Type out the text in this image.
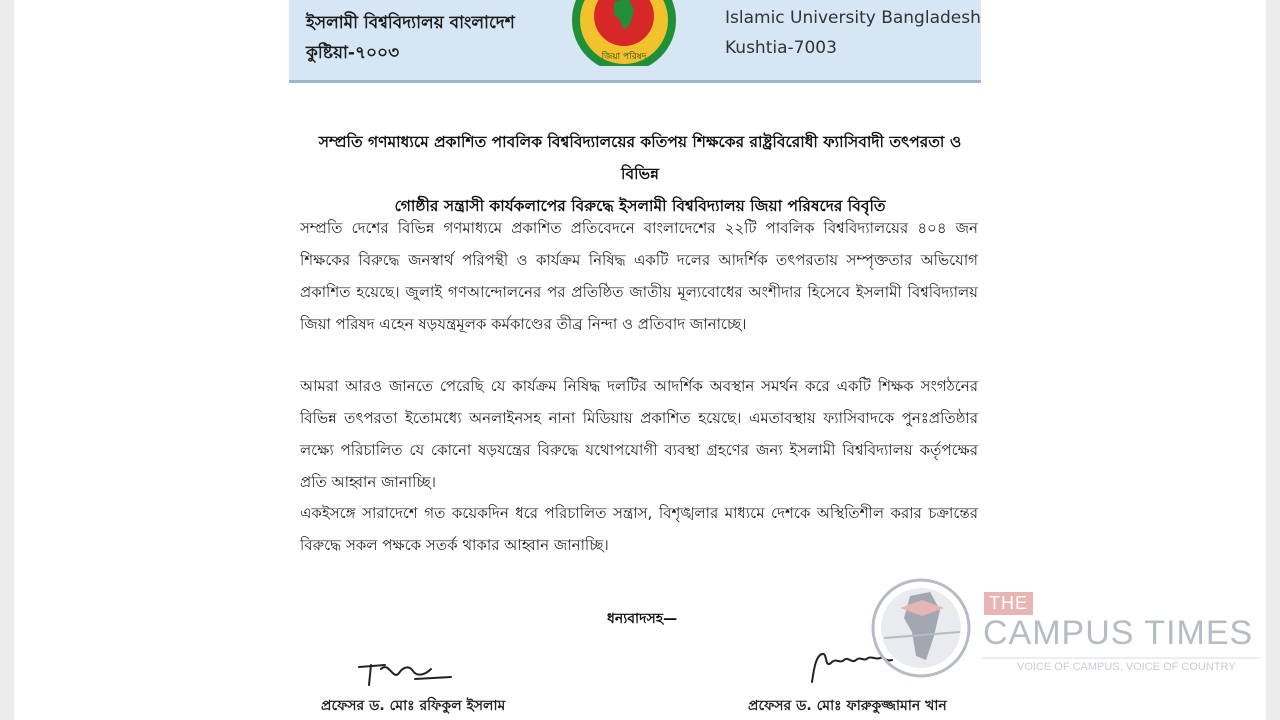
ইসলামী বিশ্ববিদ্যালয় বাংলাদেশ
কুষ্টিয়া-৭০০৩
Islamic University Bangladesh
Kushtia-7003
জিয়া পরিষদ
সম্প্রতি গণমাধ্যমে প্রকাশিত পাবলিক বিশ্ববিদ্যালয়ের কতিপয় শিক্ষকের রাষ্ট্রবিরোধী ফ্যাসিবাদী তৎপরতা ও বিভিন্ন
গোষ্ঠীর সন্ত্রাসী কার্যকলাপের বিরুদ্ধে ইসলামী বিশ্ববিদ্যালয় জিয়া পরিষদের বিবৃতি
সম্প্রতি দেশের বিভিন্ন গণমাধ্যমে প্রকাশিত প্রতিবেদনে বাংলাদেশের ২২টি পাবলিক বিশ্ববিদ্যালয়ের ৪০৪ জন শিক্ষকের বিরুদ্ধে জনস্বার্থ পরিপন্থী ও কার্যক্রম নিষিদ্ধ একটি দলের আদর্শিক তৎপরতায় সম্পৃক্ততার অভিযোগ প্রকাশিত হয়েছে। জুলাই গণআন্দোলনের পর প্রতিষ্ঠিত জাতীয় মূল্যবোধের অংশীদার হিসেবে ইসলামী বিশ্ববিদ্যালয় জিয়া পরিষদ এহেন ষড়যন্ত্রমূলক কর্মকাণ্ডের তীব্র নিন্দা ও প্রতিবাদ জানাচ্ছে।
আমরা আরও জানতে পেরেছি যে কার্যক্রম নিষিদ্ধ দলটির আদর্শিক অবস্থান সমর্থন করে একটি শিক্ষক সংগঠনের বিভিন্ন তৎপরতা ইতোমধ্যে অনলাইনসহ নানা মিডিয়ায় প্রকাশিত হয়েছে। এমতাবস্থায় ফ্যাসিবাদকে পুনঃপ্রতিষ্ঠার লক্ষ্যে পরিচালিত যে কোনো ষড়যন্ত্রের বিরুদ্ধে যথোপযোগী ব্যবস্থা গ্রহণের জন্য ইসলামী বিশ্ববিদ্যালয় কর্তৃপক্ষের প্রতি আহ্বান জানাচ্ছি।
একইসঙ্গে সারাদেশে গত কয়েকদিন ধরে পরিচালিত সন্ত্রাস, বিশৃঙ্খলার মাধ্যমে দেশকে অস্থিতিশীল করার চক্রান্তের বিরুদ্ধে সকল পক্ষকে সতর্ক থাকার আহ্বান জানাচ্ছি।
ধন্যবাদসহ—
প্রফেসর ড. মোঃ রফিকুল ইসলাম	প্রফেসর ড. মোঃ ফারুকুজ্জামান খান
THE
CAMPUS TIMES
VOICE OF CAMPUS, VOICE OF COUNTRY
